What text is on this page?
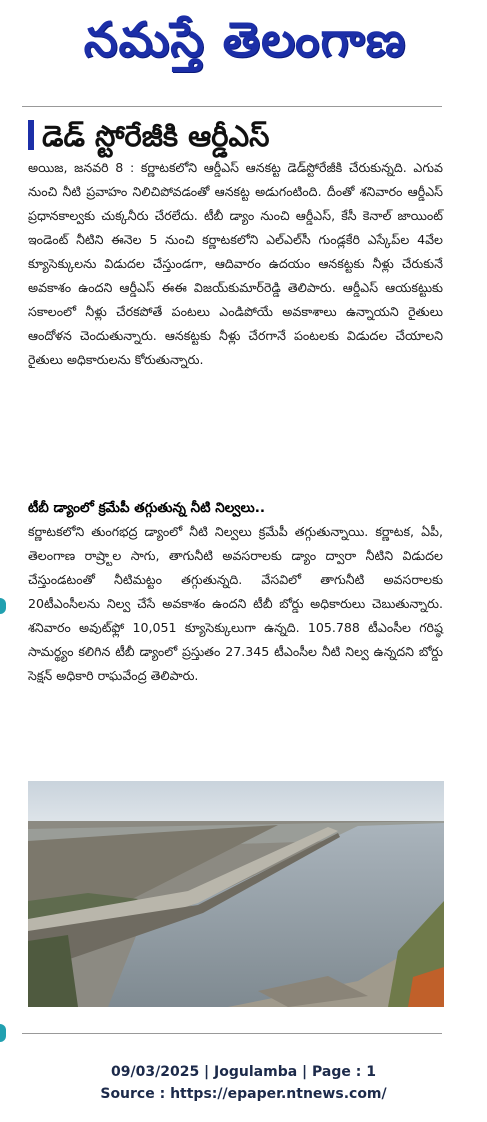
నమస్తే తెలంగాణ
డెడ్ స్టోరేజీకి ఆర్డీఎస్

అయిజ, జనవరి 8 : కర్ణాటకలోని ఆర్డీఎస్ ఆనకట్ట డెడ్‌స్టోరేజీకి చేరుకున్నది. ఎగువ నుంచి నీటి ప్రవాహం నిలిచిపోవడంతో ఆనకట్ట అడుగంటింది. దీంతో శనివారం ఆర్డీఎస్ ప్రధానకాల్వకు చుక్కనీరు చేరలేదు. టీబీ డ్యాం నుంచి ఆర్డీఎస్, కేసీ కెనాల్ జాయింట్ ఇండెంట్ నీటిని ఈనెల 5 నుంచి కర్ణాటకలోని ఎల్ఎల్‌సీ గుండ్లకేరి ఎస్కేప్‌ల 4వేల క్యూసెక్కులను విడుదల చేస్తుండగా, ఆదివారం ఉదయం ఆనకట్టకు నీళ్లు చేరుకునే అవకాశం ఉందని ఆర్డీఎస్ ఈఈ విజయ్‌కుమార్‌రెడ్డి తెలిపారు. ఆర్డీఎస్ ఆయకట్టుకు సకాలంలో నీళ్లు చేరకపోతే పంటలు ఎండిపోయే అవకాశాలు ఉన్నాయని రైతులు ఆందోళన చెందుతున్నారు. ఆనకట్టకు నీళ్లు చేరగానే పంటలకు విడుదల చేయాలని రైతులు అధికారులను కోరుతున్నారు.

టీబీ డ్యాంలో క్రమేపీ తగ్గుతున్న నీటి నిల్వలు..

కర్ణాటకలోని తుంగభద్ర డ్యాంలో నీటి నిల్వలు క్రమేపీ తగ్గుతున్నాయి. కర్ణాటక, ఏపీ, తెలంగాణ రాష్ర్టాల సాగు, తాగునీటి అవసరాలకు డ్యాం ద్వారా నీటిని విడుదల చేస్తుండటంతో నీటిమట్టం తగ్గుతున్నది. వేసవిలో తాగునీటి అవసరాలకు 20టీఎంసీలను నిల్వ చేసే అవకాశం ఉందని టీబీ బోర్డు అధికారులు చెబుతున్నారు. శనివారం అవుట్‌ఫ్లో 10,051 క్యూసెక్కులుగా ఉన్నది. 105.788 టీఎంసీల గరిష్ఠ సామర్థ్యం కలిగిన టీబీ డ్యాంలో ప్రస్తుతం 27.345 టీఎంసీల నీటి నిల్వ ఉన్నదని బోర్డు సెక్షన్ అధికారి రాఘవేంద్ర తెలిపారు.

09/03/2025 | Jogulamba | Page : 1
Source : https://epaper.ntnews.com/
